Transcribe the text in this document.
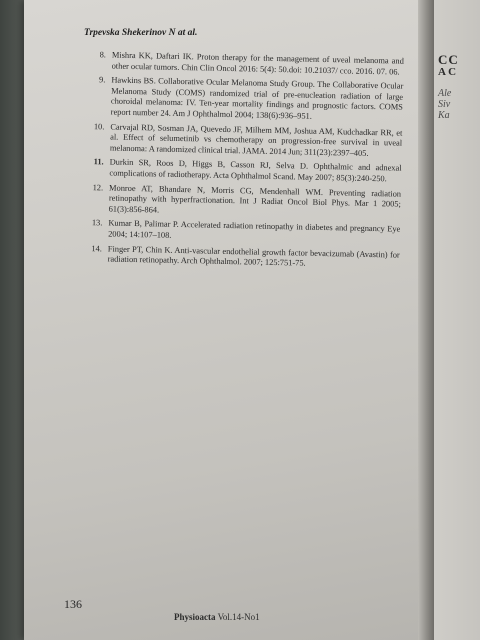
CC
A C
Ale
Siv
Ka
Trpevska Shekerinov N at al.
8. Mishra KK, Daftari IK. Proton therapy for the management of uveal melanoma and other ocular tumors. Chin Clin Oncol 2016: 5(4): 50.doi: 10.21037/ cco. 2016. 07. 06.
9. Hawkins BS. Collaborative Ocular Melanoma Study Group. The Collaborative Ocular Melanoma Study (COMS) randomized trial of pre-enucleation radiation of large choroidal melanoma: IV. Ten-year mortality findings and prognostic factors. COMS report number 24. Am J Ophthalmol 2004; 138(6):936–951.
10. Carvajal RD, Sosman JA, Quevedo JF, Milhem MM, Joshua AM, Kudchadkar RR, et al. Effect of selumetinib vs chemotherapy on progression-free survival in uveal melanoma: A randomized clinical trial. JAMA. 2014 Jun; 311(23):2397–405.
11. Durkin SR, Roos D, Higgs B, Casson RJ, Selva D. Ophthalmic and adnexal complications of radiotherapy. Acta Ophthalmol Scand. May 2007; 85(3):240-250.
12. Monroe AT, Bhandare N, Morris CG, Mendenhall WM. Preventing radiation retinopathy with hyperfractionation. Int J Radiat Oncol Biol Phys. Mar 1 2005; 61(3):856-864.
13. Kumar B, Palimar P. Accelerated radiation retinopathy in diabetes and pregnancy Eye 2004; 14:107–108.
14. Finger PT, Chin K. Anti-vascular endothelial growth factor bevacizumab (Avastin) for radiation retinopathy. Arch Ophthalmol. 2007; 125:751-75.
136
Physioacta Vol.14-No1
